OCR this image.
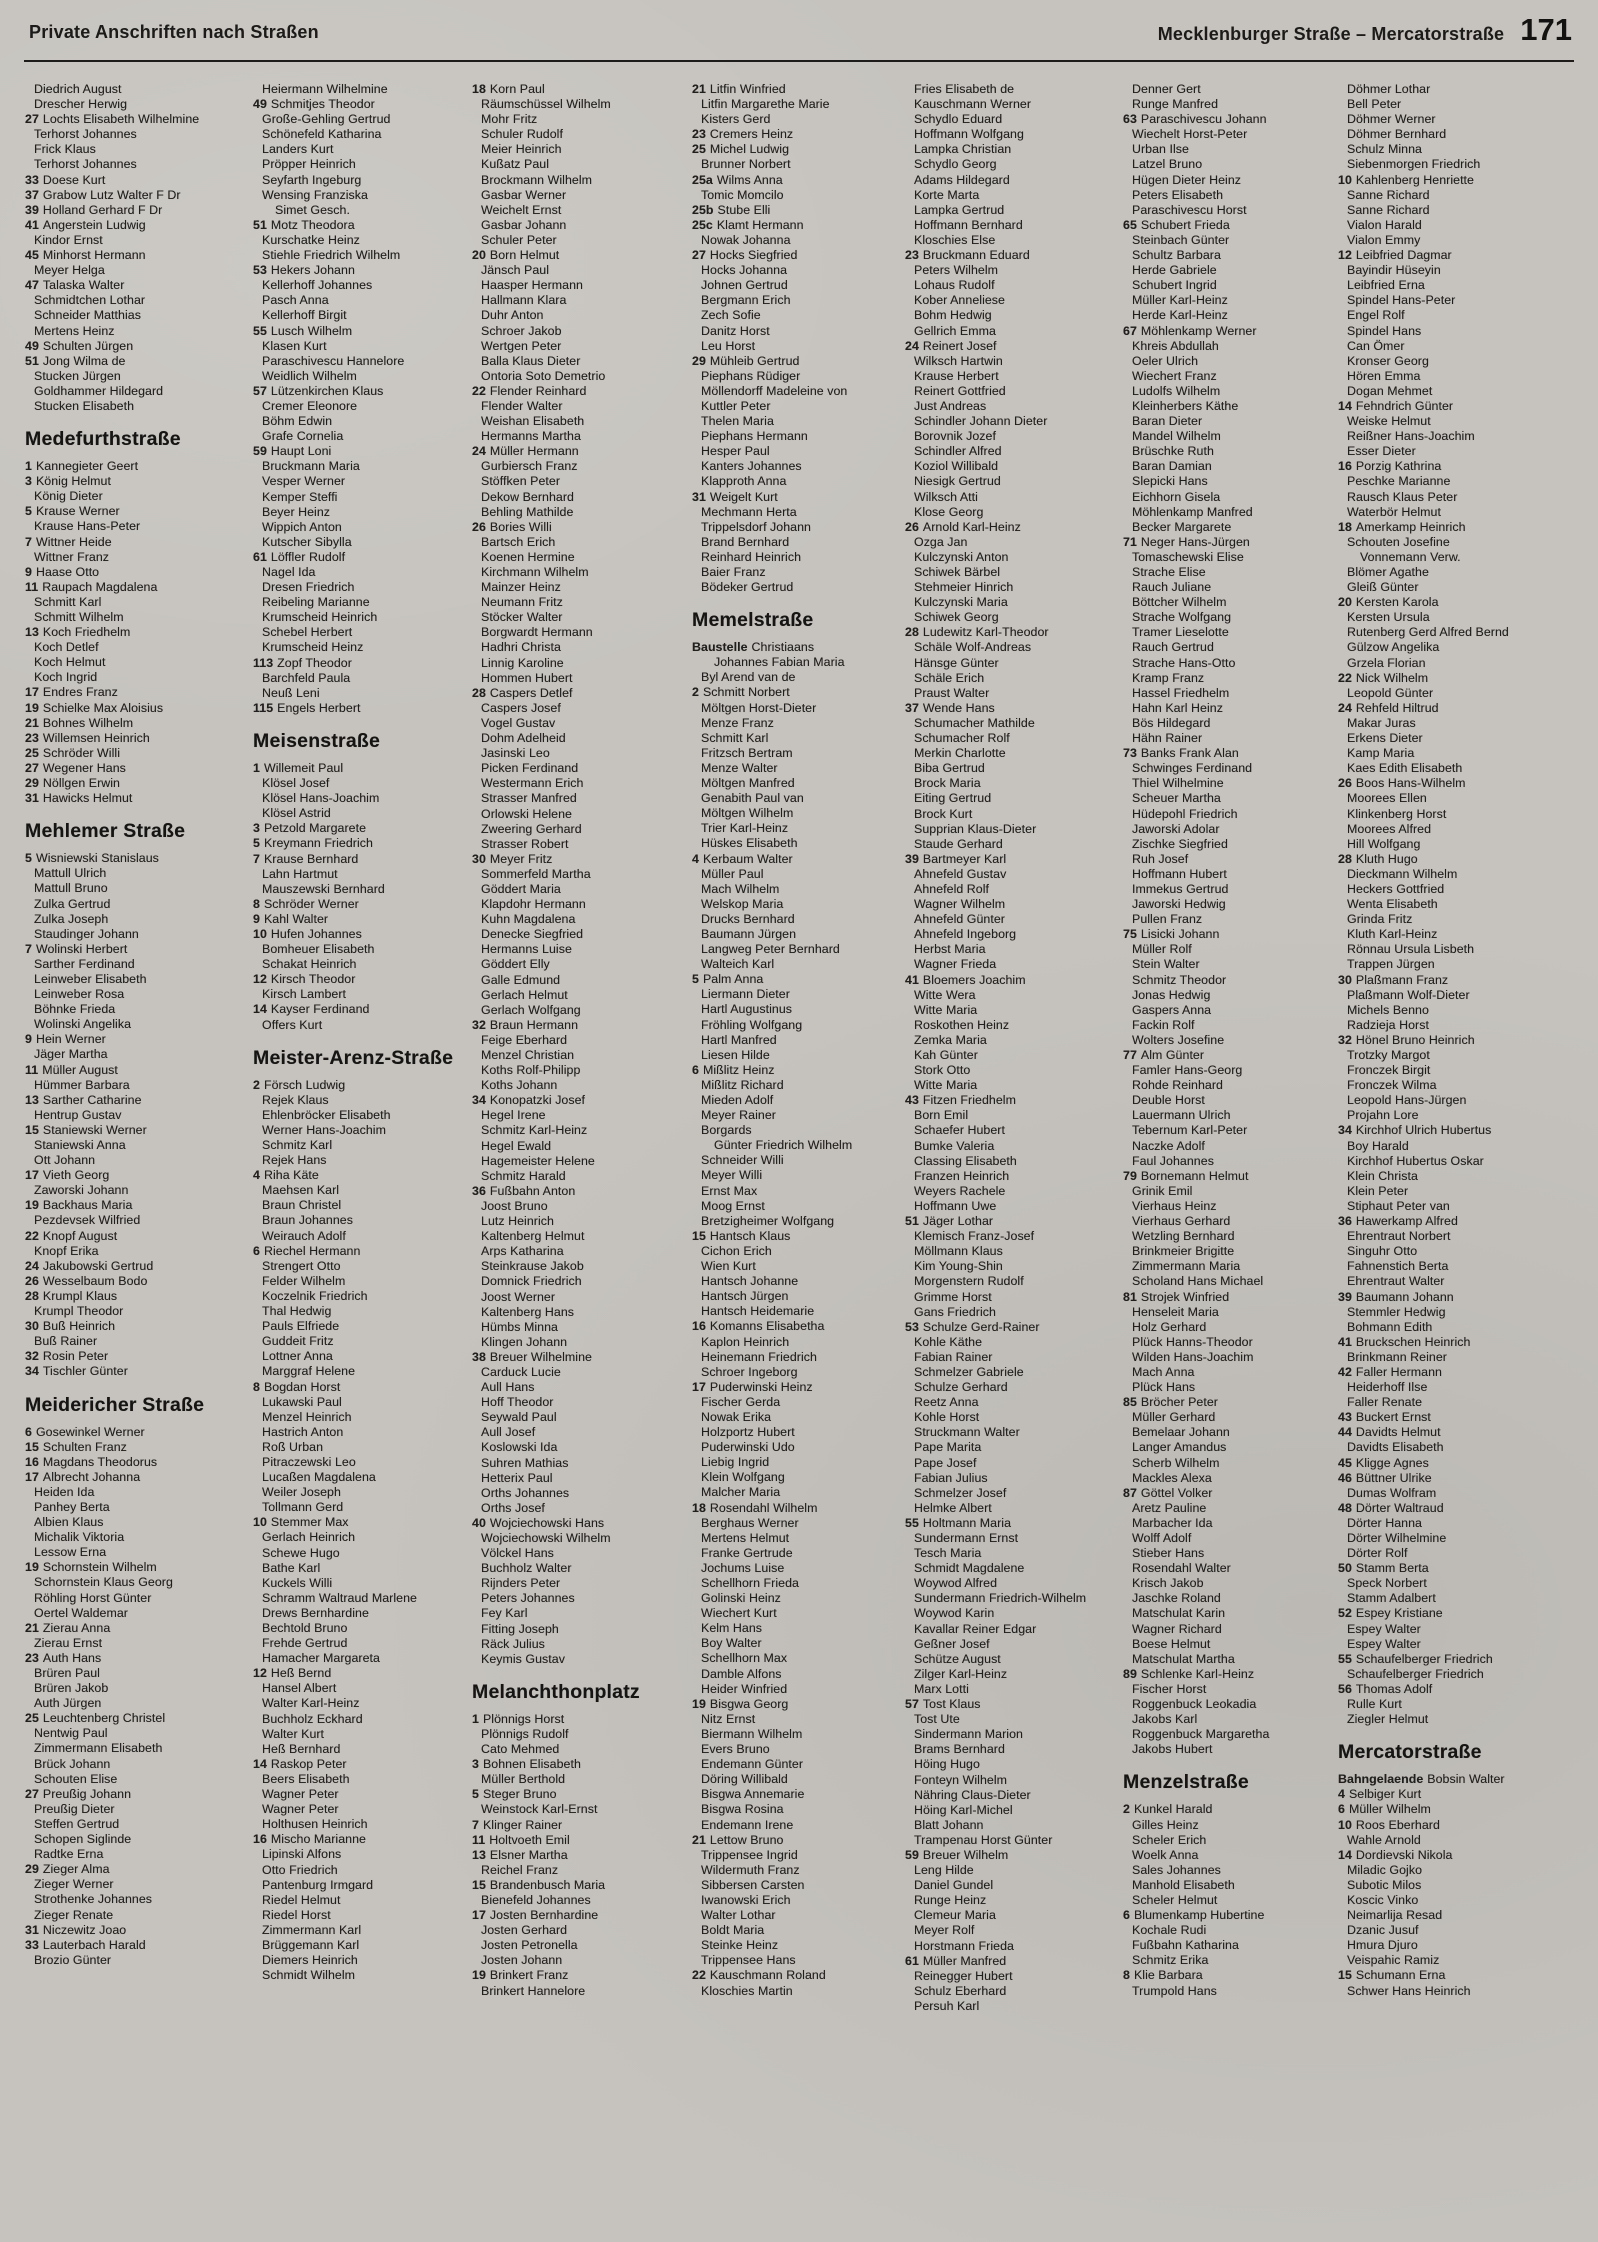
Private Anschriften nach Straßen	Mecklenburger Straße – Mercatorstraße 171
Diedrich August
Drescher Herwig
27 Lochts Elisabeth Wilhelmine
Terhorst Johannes
Frick Klaus
Terhorst Johannes
33 Doese Kurt
37 Grabow Lutz Walter F Dr
39 Holland Gerhard F Dr
41 Angerstein Ludwig
Kindor Ernst
45 Minhorst Hermann
Meyer Helga
47 Talaska Walter
Schmidtchen Lothar
Schneider Matthias
Mertens Heinz
49 Schulten Jürgen
51 Jong Wilma de
Stucken Jürgen
Goldhammer Hildegard
Stucken Elisabeth
Medefurthstraße
1 Kannegieter Geert
3 König Helmut
König Dieter
5 Krause Werner
Krause Hans-Peter
7 Wittner Heide
Wittner Franz
9 Haase Otto
11 Raupach Magdalena
Schmitt Karl
Schmitt Wilhelm
13 Koch Friedhelm
Koch Detlef
Koch Helmut
Koch Ingrid
17 Endres Franz
19 Schielke Max Aloisius
21 Bohnes Wilhelm
23 Willemsen Heinrich
25 Schröder Willi
27 Wegener Hans
29 Nöllgen Erwin
31 Hawicks Helmut
Mehlemer Straße
5 Wisniewski Stanislaus
Mattull Ulrich
Mattull Bruno
Zulka Gertrud
Zulka Joseph
Staudinger Johann
7 Wolinski Herbert
Sarther Ferdinand
Leinweber Elisabeth
Leinweber Rosa
Böhnke Frieda
Wolinski Angelika
9 Hein Werner
Jäger Martha
11 Müller August
Hümmer Barbara
13 Sarther Catharine
Hentrup Gustav
15 Staniewski Werner
Staniewski Anna
Ott Johann
17 Vieth Georg
Zaworski Johann
19 Backhaus Maria
Pezdevsek Wilfried
22 Knopf August
Knopf Erika
24 Jakubowski Gertrud
26 Wesselbaum Bodo
28 Krumpl Klaus
Krumpl Theodor
30 Buß Heinrich
Buß Rainer
32 Rosin Peter
34 Tischler Günter
Meidericher Straße
6 Gosewinkel Werner
15 Schulten Franz
16 Magdans Theodorus
17 Albrecht Johanna
Heiden Ida
Panhey Berta
Albien Klaus
Michalik Viktoria
Lessow Erna
19 Schornstein Wilhelm
Schornstein Klaus Georg
Röhling Horst Günter
Oertel Waldemar
21 Zierau Anna
Zierau Ernst
23 Auth Hans
Brüren Paul
Brüren Jakob
Auth Jürgen
25 Leuchtenberg Christel
Nentwig Paul
Zimmermann Elisabeth
Brück Johann
Schouten Elise
27 Preußig Johann
Preußig Dieter
Steffen Gertrud
Schopen Siglinde
Radtke Erna
29 Zieger Alma
Zieger Werner
Strothenke Johannes
Zieger Renate
31 Niczewitz Joao
33 Lauterbach Harald
Brozio Günter
Heiermann Wilhelmine
49 Schmitjes Theodor
Große-Gehling Gertrud
Schönefeld Katharina
Landers Kurt
Pröpper Heinrich
Seyfarth Ingeburg
Wensing Franziska
Simet Gesch.
51 Motz Theodora
Kurschatke Heinz
Stiehle Friedrich Wilhelm
53 Hekers Johann
Kellerhoff Johannes
Pasch Anna
Kellerhoff Birgit
55 Lusch Wilhelm
Klasen Kurt
Paraschivescu Hannelore
Weidlich Wilhelm
57 Lützenkirchen Klaus
Cremer Eleonore
Böhm Edwin
Grafe Cornelia
59 Haupt Loni
Bruckmann Maria
Vesper Werner
Kemper Steffi
Beyer Heinz
Wippich Anton
Kutscher Sibylla
61 Löffler Rudolf
Nagel Ida
Dresen Friedrich
Reibeling Marianne
Krumscheid Heinrich
Schebel Herbert
Krumscheid Heinz
113 Zopf Theodor
Barchfeld Paula
Neuß Leni
115 Engels Herbert
Meisenstraße
1 Willemeit Paul
Klösel Josef
Klösel Hans-Joachim
Klösel Astrid
3 Petzold Margarete
5 Kreymann Friedrich
7 Krause Bernhard
Lahn Hartmut
Mauszewski Bernhard
8 Schröder Werner
9 Kahl Walter
10 Hufen Johannes
Bomheuer Elisabeth
Schakat Heinrich
12 Kirsch Theodor
Kirsch Lambert
14 Kayser Ferdinand
Offers Kurt
Meister-Arenz-Straße
2 Försch Ludwig
Rejek Klaus
Ehlenbröcker Elisabeth
Werner Hans-Joachim
Schmitz Karl
Rejek Hans
4 Riha Käte
Maehsen Karl
Braun Christel
Braun Johannes
Weirauch Adolf
6 Riechel Hermann
Strengert Otto
Felder Wilhelm
Koczelnik Friedrich
Thal Hedwig
Pauls Elfriede
Guddeit Fritz
Lottner Anna
Marggraf Helene
8 Bogdan Horst
Lukawski Paul
Menzel Heinrich
Hastrich Anton
Roß Urban
Pitraczewski Leo
Lucaßen Magdalena
Weiler Joseph
Tollmann Gerd
10 Stemmer Max
Gerlach Heinrich
Schewe Hugo
Bathe Karl
Kuckels Willi
Schramm Waltraud Marlene
Drews Bernhardine
Bechtold Bruno
Frehde Gertrud
Hamacher Margareta
12 Heß Bernd
Hansel Albert
Walter Karl-Heinz
Buchholz Eckhard
Walter Kurt
Heß Bernhard
14 Raskop Peter
Beers Elisabeth
Wagner Peter
Wagner Peter
Holthusen Heinrich
16 Mischo Marianne
Lipinski Alfons
Otto Friedrich
Pantenburg Irmgard
Riedel Helmut
Riedel Horst
Zimmermann Karl
Brüggemann Karl
Diemers Heinrich
Schmidt Wilhelm
18 Korn Paul
Räumschüssel Wilhelm
Mohr Fritz
Schuler Rudolf
Meier Heinrich
Kußatz Paul
Brockmann Wilhelm
Gasbar Werner
Weichelt Ernst
Gasbar Johann
Schuler Peter
20 Born Helmut
Jänsch Paul
Haasper Hermann
Hallmann Klara
Duhr Anton
Schroer Jakob
Wertgen Peter
Balla Klaus Dieter
Ontoria Soto Demetrio
22 Flender Reinhard
Flender Walter
Weishan Elisabeth
Hermanns Martha
24 Müller Hermann
Gurbiersch Franz
Stöffken Peter
Dekow Bernhard
Behling Mathilde
26 Bories Willi
Bartsch Erich
Koenen Hermine
Kirchmann Wilhelm
Mainzer Heinz
Neumann Fritz
Stöcker Walter
Borgwardt Hermann
Hadhri Christa
Linnig Karoline
Hommen Hubert
28 Caspers Detlef
Caspers Josef
Vogel Gustav
Dohm Adelheid
Jasinski Leo
Picken Ferdinand
Westermann Erich
Strasser Manfred
Orlowski Helene
Zweering Gerhard
Strasser Robert
30 Meyer Fritz
Sommerfeld Martha
Göddert Maria
Klapdohr Hermann
Kuhn Magdalena
Denecke Siegfried
Hermanns Luise
Göddert Elly
Galle Edmund
Gerlach Helmut
Gerlach Wolfgang
32 Braun Hermann
Feige Eberhard
Menzel Christian
Koths Rolf-Philipp
Koths Johann
34 Konopatzki Josef
Hegel Irene
Schmitz Karl-Heinz
Hegel Ewald
Hagemeister Helene
Schmitz Harald
36 Fußbahn Anton
Joost Bruno
Lutz Heinrich
Kaltenberg Helmut
Arps Katharina
Steinkrause Jakob
Domnick Friedrich
Joost Werner
Kaltenberg Hans
Hümbs Minna
Klingen Johann
38 Breuer Wilhelmine
Carduck Lucie
Aull Hans
Hoff Theodor
Seywald Paul
Aull Josef
Koslowski Ida
Suhren Mathias
Hetterix Paul
Orths Johannes
Orths Josef
40 Wojciechowski Hans
Wojciechowski Wilhelm
Völckel Hans
Buchholz Walter
Rijnders Peter
Peters Johannes
Fey Karl
Fitting Joseph
Räck Julius
Keymis Gustav
Melanchthonplatz
1 Plönnigs Horst
Plönnigs Rudolf
Cato Mehmed
3 Bohnen Elisabeth
Müller Berthold
5 Steger Bruno
Weinstock Karl-Ernst
7 Klinger Rainer
11 Holtvoeth Emil
13 Elsner Martha
Reichel Franz
15 Brandenbusch Maria
Bienefeld Johannes
17 Josten Bernhardine
Josten Gerhard
Josten Petronella
Josten Johann
19 Brinkert Franz
Brinkert Hannelore
21 Litfin Winfried
Litfin Margarethe Marie
Kisters Gerd
23 Cremers Heinz
25 Michel Ludwig
Brunner Norbert
25a Wilms Anna
Tomic Momcilo
25b Stube Elli
25c Klamt Hermann
Nowak Johanna
27 Hocks Siegfried
Hocks Johanna
Johnen Gertrud
Bergmann Erich
Zech Sofie
Danitz Horst
Leu Horst
29 Mühleib Gertrud
Piephans Rüdiger
Möllendorff Madeleine von
Kuttler Peter
Thelen Maria
Piephans Hermann
Hesper Paul
Kanters Johannes
Klapproth Anna
31 Weigelt Kurt
Mechmann Herta
Trippelsdorf Johann
Brand Bernhard
Reinhard Heinrich
Baier Franz
Bödeker Gertrud
Memelstraße
Baustelle Christiaans
Johannes Fabian Maria
Byl Arend van de
2 Schmitt Norbert
Möltgen Horst-Dieter
Menze Franz
Schmitt Karl
Fritzsch Bertram
Menze Walter
Möltgen Manfred
Genabith Paul van
Möltgen Wilhelm
Trier Karl-Heinz
Hüskes Elisabeth
4 Kerbaum Walter
Müller Paul
Mach Wilhelm
Welskop Maria
Drucks Bernhard
Baumann Jürgen
Langweg Peter Bernhard
Walteich Karl
5 Palm Anna
Liermann Dieter
Hartl Augustinus
Fröhling Wolfgang
Hartl Manfred
Liesen Hilde
6 Mißlitz Heinz
Mißlitz Richard
Mieden Adolf
Meyer Rainer
Borgards
Günter Friedrich Wilhelm
Schneider Willi
Meyer Willi
Ernst Max
Moog Ernst
Bretzigheimer Wolfgang
15 Hantsch Klaus
Cichon Erich
Wien Kurt
Hantsch Johanne
Hantsch Jürgen
Hantsch Heidemarie
16 Komanns Elisabetha
Kaplon Heinrich
Heinemann Friedrich
Schroer Ingeborg
17 Puderwinski Heinz
Fischer Gerda
Nowak Erika
Holzportz Hubert
Puderwinski Udo
Liebig Ingrid
Klein Wolfgang
Malcher Maria
18 Rosendahl Wilhelm
Berghaus Werner
Mertens Helmut
Franke Gertrude
Jochums Luise
Schellhorn Frieda
Golinski Heinz
Wiechert Kurt
Kelm Hans
Boy Walter
Schellhorn Max
Damble Alfons
Heider Winfried
19 Bisgwa Georg
Nitz Ernst
Biermann Wilhelm
Evers Bruno
Endemann Günter
Döring Willibald
Bisgwa Annemarie
Bisgwa Rosina
Endemann Irene
21 Lettow Bruno
Trippensee Ingrid
Wildermuth Franz
Sibbersen Carsten
Iwanowski Erich
Walter Lothar
Boldt Maria
Steinke Heinz
Trippensee Hans
22 Kauschmann Roland
Kloschies Martin
Fries Elisabeth de
Kauschmann Werner
Schydlo Eduard
Hoffmann Wolfgang
Lampka Christian
Schydlo Georg
Adams Hildegard
Korte Marta
Lampka Gertrud
Hoffmann Bernhard
Kloschies Else
23 Bruckmann Eduard
Peters Wilhelm
Lohaus Rudolf
Kober Anneliese
Bohm Hedwig
Gellrich Emma
24 Reinert Josef
Wilksch Hartwin
Krause Herbert
Reinert Gottfried
Just Andreas
Schindler Johann Dieter
Borovnik Jozef
Schindler Alfred
Koziol Willibald
Niesigk Gertrud
Wilksch Atti
Klose Georg
26 Arnold Karl-Heinz
Ozga Jan
Kulczynski Anton
Schiwek Bärbel
Stehmeier Hinrich
Kulczynski Maria
Schiwek Georg
28 Ludewitz Karl-Theodor
Schäle Wolf-Andreas
Hänsge Günter
Schäle Erich
Praust Walter
37 Wende Hans
Schumacher Mathilde
Schumacher Rolf
Merkin Charlotte
Biba Gertrud
Brock Maria
Eiting Gertrud
Brock Kurt
Supprian Klaus-Dieter
Staude Gerhard
39 Bartmeyer Karl
Ahnefeld Gustav
Ahnefeld Rolf
Wagner Wilhelm
Ahnefeld Günter
Ahnefeld Ingeborg
Herbst Maria
Wagner Frieda
41 Bloemers Joachim
Witte Wera
Witte Maria
Roskothen Heinz
Zemka Maria
Kah Günter
Stork Otto
Witte Maria
43 Fitzen Friedhelm
Born Emil
Schaefer Hubert
Bumke Valeria
Classing Elisabeth
Franzen Heinrich
Weyers Rachele
Hoffmann Uwe
51 Jäger Lothar
Klemisch Franz-Josef
Möllmann Klaus
Kim Young-Shin
Morgenstern Rudolf
Grimme Horst
Gans Friedrich
53 Schulze Gerd-Rainer
Kohle Käthe
Fabian Rainer
Schmelzer Gabriele
Schulze Gerhard
Reetz Anna
Kohle Horst
Struckmann Walter
Pape Marita
Pape Josef
Fabian Julius
Schmelzer Josef
Helmke Albert
55 Holtmann Maria
Sundermann Ernst
Tesch Maria
Schmidt Magdalene
Woywod Alfred
Sundermann Friedrich-Wilhelm
Woywod Karin
Kavallar Reiner Edgar
Geßner Josef
Schütze August
Zilger Karl-Heinz
Marx Lotti
57 Tost Klaus
Tost Ute
Sindermann Marion
Brams Bernhard
Höing Hugo
Fonteyn Wilhelm
Nähring Claus-Dieter
Höing Karl-Michel
Blatt Johann
Trampenau Horst Günter
59 Breuer Wilhelm
Leng Hilde
Daniel Gundel
Runge Heinz
Clemeur Maria
Meyer Rolf
Horstmann Frieda
61 Müller Manfred
Reinegger Hubert
Schulz Eberhard
Persuh Karl
Denner Gert
Runge Manfred
63 Paraschivescu Johann
Wiechelt Horst-Peter
Urban Ilse
Latzel Bruno
Hügen Dieter Heinz
Peters Elisabeth
Paraschivescu Horst
65 Schubert Frieda
Steinbach Günter
Schultz Barbara
Herde Gabriele
Schubert Ingrid
Müller Karl-Heinz
Herde Karl-Heinz
67 Möhlenkamp Werner
Khreis Abdullah
Oeler Ulrich
Wiechert Franz
Ludolfs Wilhelm
Kleinherbers Käthe
Baran Dieter
Mandel Wilhelm
Brüschke Ruth
Baran Damian
Slepicki Hans
Eichhorn Gisela
Möhlenkamp Manfred
Becker Margarete
71 Neger Hans-Jürgen
Tomaschewski Elise
Strache Elise
Rauch Juliane
Böttcher Wilhelm
Strache Wolfgang
Tramer Lieselotte
Rauch Gertrud
Strache Hans-Otto
Kramp Franz
Hassel Friedhelm
Hahn Karl Heinz
Bös Hildegard
Hähn Rainer
73 Banks Frank Alan
Schwinges Ferdinand
Thiel Wilhelmine
Scheuer Martha
Hüdepohl Friedrich
Jaworski Adolar
Zischke Siegfried
Ruh Josef
Hoffmann Hubert
Immekus Gertrud
Jaworski Hedwig
Pullen Franz
75 Lisicki Johann
Müller Rolf
Stein Walter
Schmitz Theodor
Jonas Hedwig
Gaspers Anna
Fackin Rolf
Wolters Josefine
77 Alm Günter
Famler Hans-Georg
Rohde Reinhard
Deuble Horst
Lauermann Ulrich
Tebernum Karl-Peter
Naczke Adolf
Faul Johannes
79 Bornemann Helmut
Grinik Emil
Vierhaus Heinz
Vierhaus Gerhard
Wetzling Bernhard
Brinkmeier Brigitte
Zimmermann Maria
Scholand Hans Michael
81 Strojek Winfried
Henseleit Maria
Holz Gerhard
Plück Hanns-Theodor
Wilden Hans-Joachim
Mach Anna
Plück Hans
85 Bröcher Peter
Müller Gerhard
Bemelaar Johann
Langer Amandus
Scherb Wilhelm
Mackles Alexa
87 Göttel Volker
Aretz Pauline
Marbacher Ida
Wolff Adolf
Stieber Hans
Rosendahl Walter
Krisch Jakob
Jaschke Roland
Matschulat Karin
Wagner Richard
Boese Helmut
Matschulat Martha
89 Schlenke Karl-Heinz
Fischer Horst
Roggenbuck Leokadia
Jakobs Karl
Roggenbuck Margaretha
Jakobs Hubert
Menzelstraße
2 Kunkel Harald
Gilles Heinz
Scheler Erich
Woelk Anna
Sales Johannes
Manhold Elisabeth
Scheler Helmut
6 Blumenkamp Hubertine
Kochale Rudi
Fußbahn Katharina
Schmitz Erika
8 Klie Barbara
Trumpold Hans
Döhmer Lothar
Bell Peter
Döhmer Werner
Döhmer Bernhard
Schulz Minna
Siebenmorgen Friedrich
10 Kahlenberg Henriette
Sanne Richard
Sanne Richard
Vialon Harald
Vialon Emmy
12 Leibfried Dagmar
Bayindir Hüseyin
Leibfried Erna
Spindel Hans-Peter
Engel Rolf
Spindel Hans
Can Ömer
Kronser Georg
Hören Emma
Dogan Mehmet
14 Fehndrich Günter
Weiske Helmut
Reißner Hans-Joachim
Esser Dieter
16 Porzig Kathrina
Peschke Marianne
Rausch Klaus Peter
Waterbör Helmut
18 Amerkamp Heinrich
Schouten Josefine
Vonnemann Verw.
Blömer Agathe
Gleiß Günter
20 Kersten Karola
Kersten Ursula
Rutenberg Gerd Alfred Bernd
Gülzow Angelika
Grzela Florian
22 Nick Wilhelm
Leopold Günter
24 Rehfeld Hiltrud
Makar Juras
Erkens Dieter
Kamp Maria
Kaes Edith Elisabeth
26 Boos Hans-Wilhelm
Moorees Ellen
Klinkenberg Horst
Moorees Alfred
Hill Wolfgang
28 Kluth Hugo
Dieckmann Wilhelm
Heckers Gottfried
Wenta Elisabeth
Grinda Fritz
Kluth Karl-Heinz
Rönnau Ursula Lisbeth
Trappen Jürgen
30 Plaßmann Franz
Plaßmann Wolf-Dieter
Michels Benno
Radzieja Horst
32 Hönel Bruno Heinrich
Trotzky Margot
Fronczek Birgit
Fronczek Wilma
Leopold Hans-Jürgen
Projahn Lore
34 Kirchhof Ulrich Hubertus
Boy Harald
Kirchhof Hubertus Oskar
Klein Christa
Klein Peter
Stiphaut Peter van
36 Hawerkamp Alfred
Ehrentraut Norbert
Singuhr Otto
Fahnenstich Berta
Ehrentraut Walter
39 Baumann Johann
Stemmler Hedwig
Bohmann Edith
41 Bruckschen Heinrich
Brinkmann Reiner
42 Faller Hermann
Heiderhoff Ilse
Faller Renate
43 Buckert Ernst
44 Davidts Helmut
Davidts Elisabeth
45 Kligge Agnes
46 Büttner Ulrike
Dumas Wolfram
48 Dörter Waltraud
Dörter Hanna
Dörter Wilhelmine
Dörter Rolf
50 Stamm Berta
Speck Norbert
Stamm Adalbert
52 Espey Kristiane
Espey Walter
Espey Walter
55 Schaufelberger Friedrich
Schaufelberger Friedrich
56 Thomas Adolf
Rulle Kurt
Ziegler Helmut
Mercatorstraße
Bahngelaende Bobsin Walter
4 Selbiger Kurt
6 Müller Wilhelm
10 Roos Eberhard
Wahle Arnold
14 Dordievski Nikola
Miladic Gojko
Subotic Milos
Koscic Vinko
Neimarlija Resad
Dzanic Jusuf
Hmura Djuro
Veispahic Ramiz
15 Schumann Erna
Schwer Hans Heinrich
